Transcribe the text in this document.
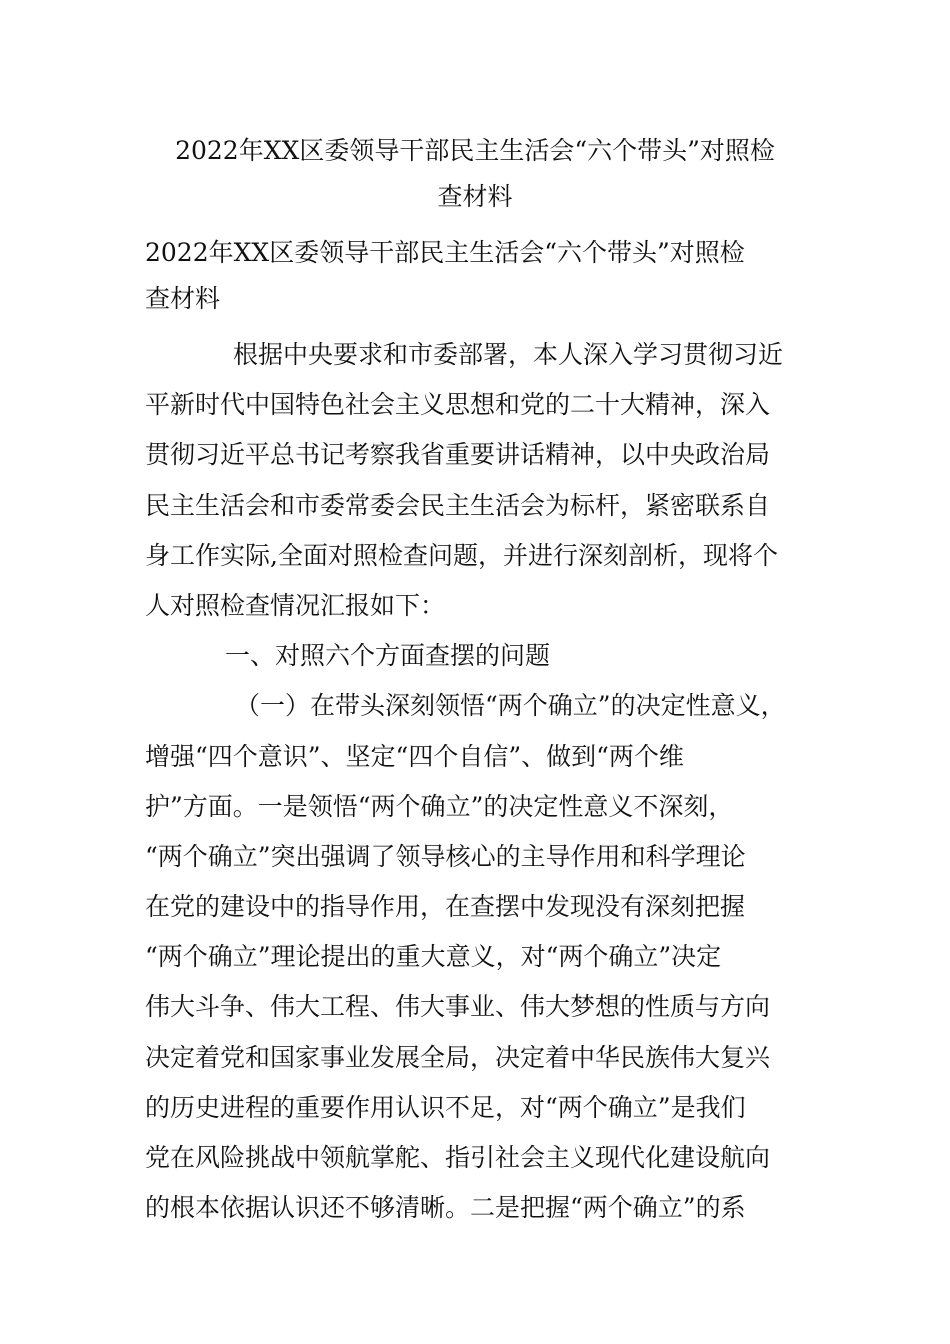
2022年XX区委领导干部民主生活会“六个带头”对照检
查材料
2022年XX区委领导干部民主生活会“六个带头”对照检
查材料
根据中央要求和市委部署，本人深入学习贯彻习近
平新时代中国特色社会主义思想和党的二十大精神，深入
贯彻习近平总书记考察我省重要讲话精神，以中央政治局
民主生活会和市委常委会民主生活会为标杆，紧密联系自
身工作实际,全面对照检查问题，并进行深刻剖析，现将个
人对照检查情况汇报如下：
一、对照六个方面查摆的问题
（一）在带头深刻领悟“两个确立”的决定性意义，
增强“四个意识”、坚定“四个自信”、做到“两个维
护”方面。一是领悟“两个确立”的决定性意义不深刻，
“两个确立”突出强调了领导核心的主导作用和科学理论
在党的建设中的指导作用，在查摆中发现没有深刻把握
“两个确立”理论提出的重大意义，对“两个确立”决定
伟大斗争、伟大工程、伟大事业、伟大梦想的性质与方向
决定着党和国家事业发展全局，决定着中华民族伟大复兴
的历史进程的重要作用认识不足，对“两个确立”是我们
党在风险挑战中领航掌舵、指引社会主义现代化建设航向
的根本依据认识还不够清晰。二是把握“两个确立”的系
